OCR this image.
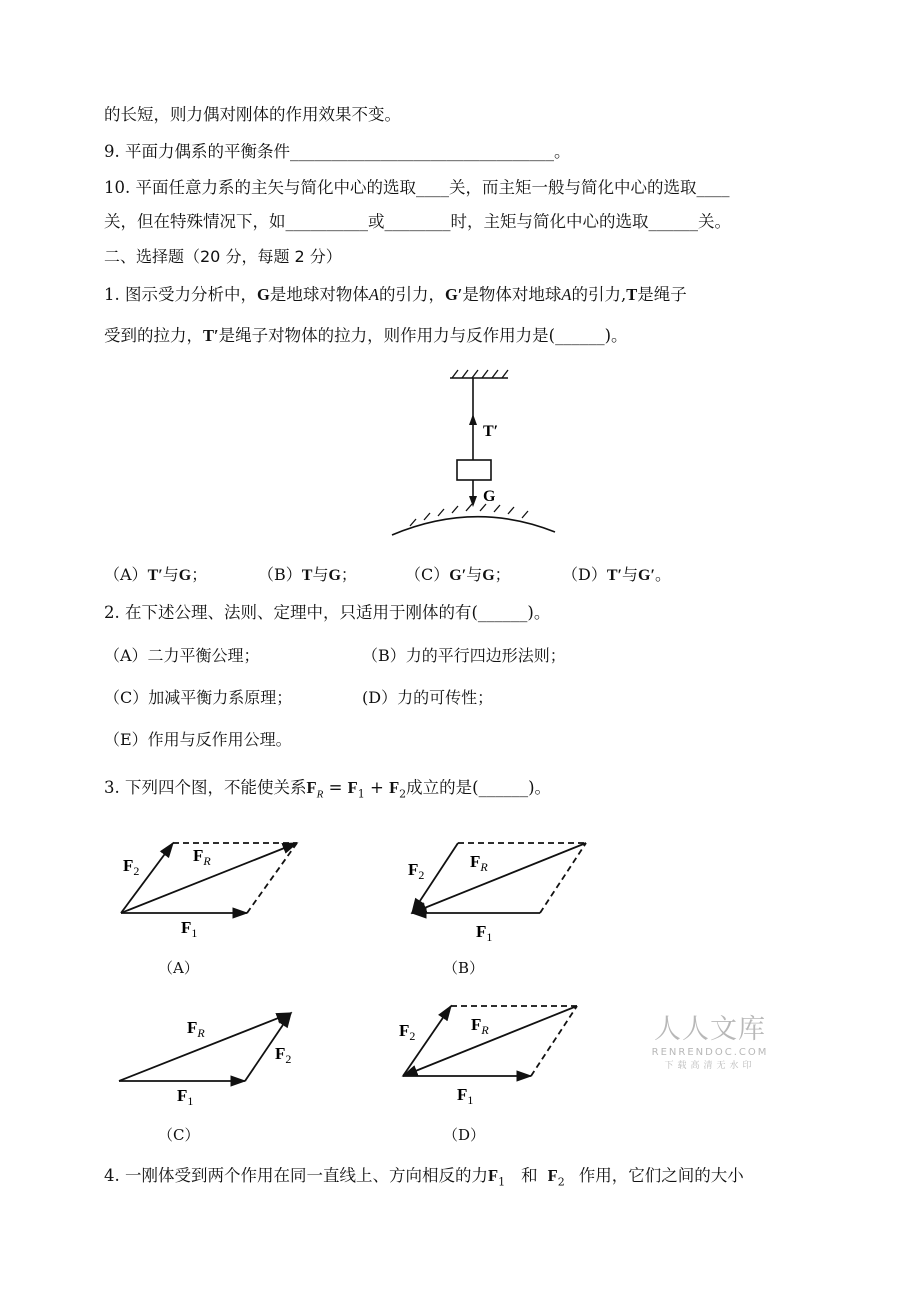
的长短，则力偶对刚体的作用效果不变。
9. 平面力偶系的平衡条件________________________________。
10. 平面任意力系的主矢与简化中心的选取____关，而主矩一般与简化中心的选取____
关，但在特殊情况下，如__________或________时，主矩与简化中心的选取______关。
二、选择题（20 分，每题 2 分）
1. 图示受力分析中，G是地球对物体A的引力，G′是物体对地球A的引力,T是绳子
受到的拉力，T′是绳子对物体的拉力，则作用力与反作用力是(______)。
T′
G
（A）T′与G；	（B）T与G；	（C）G′与G；	（D）T′与G′。
2. 在下述公理、法则、定理中，只适用于刚体的有(______)。
（A）二力平衡公理；	（B）力的平行四边形法则；
（C）加减平衡力系原理；	(D）力的可传性；
（E）作用与反作用公理。
3. 下列四个图，不能使关系$F_R = F_1 + F_2$成立的是(______)。
$F_2$
$F_R$
$F_1$
（A）
$F_2$
$F_R$
$F_1$
（B）
$F_R$
$F_2$
$F_1$
（C）
$F_2$
$F_R$
$F_1$
（D）
人人文库
RENRENDOC.COM
下载高清无水印
4. 一刚体受到两个作用在同一直线上、方向相反的力$F_1$ 和 $F_2$ 作用，它们之间的大小
